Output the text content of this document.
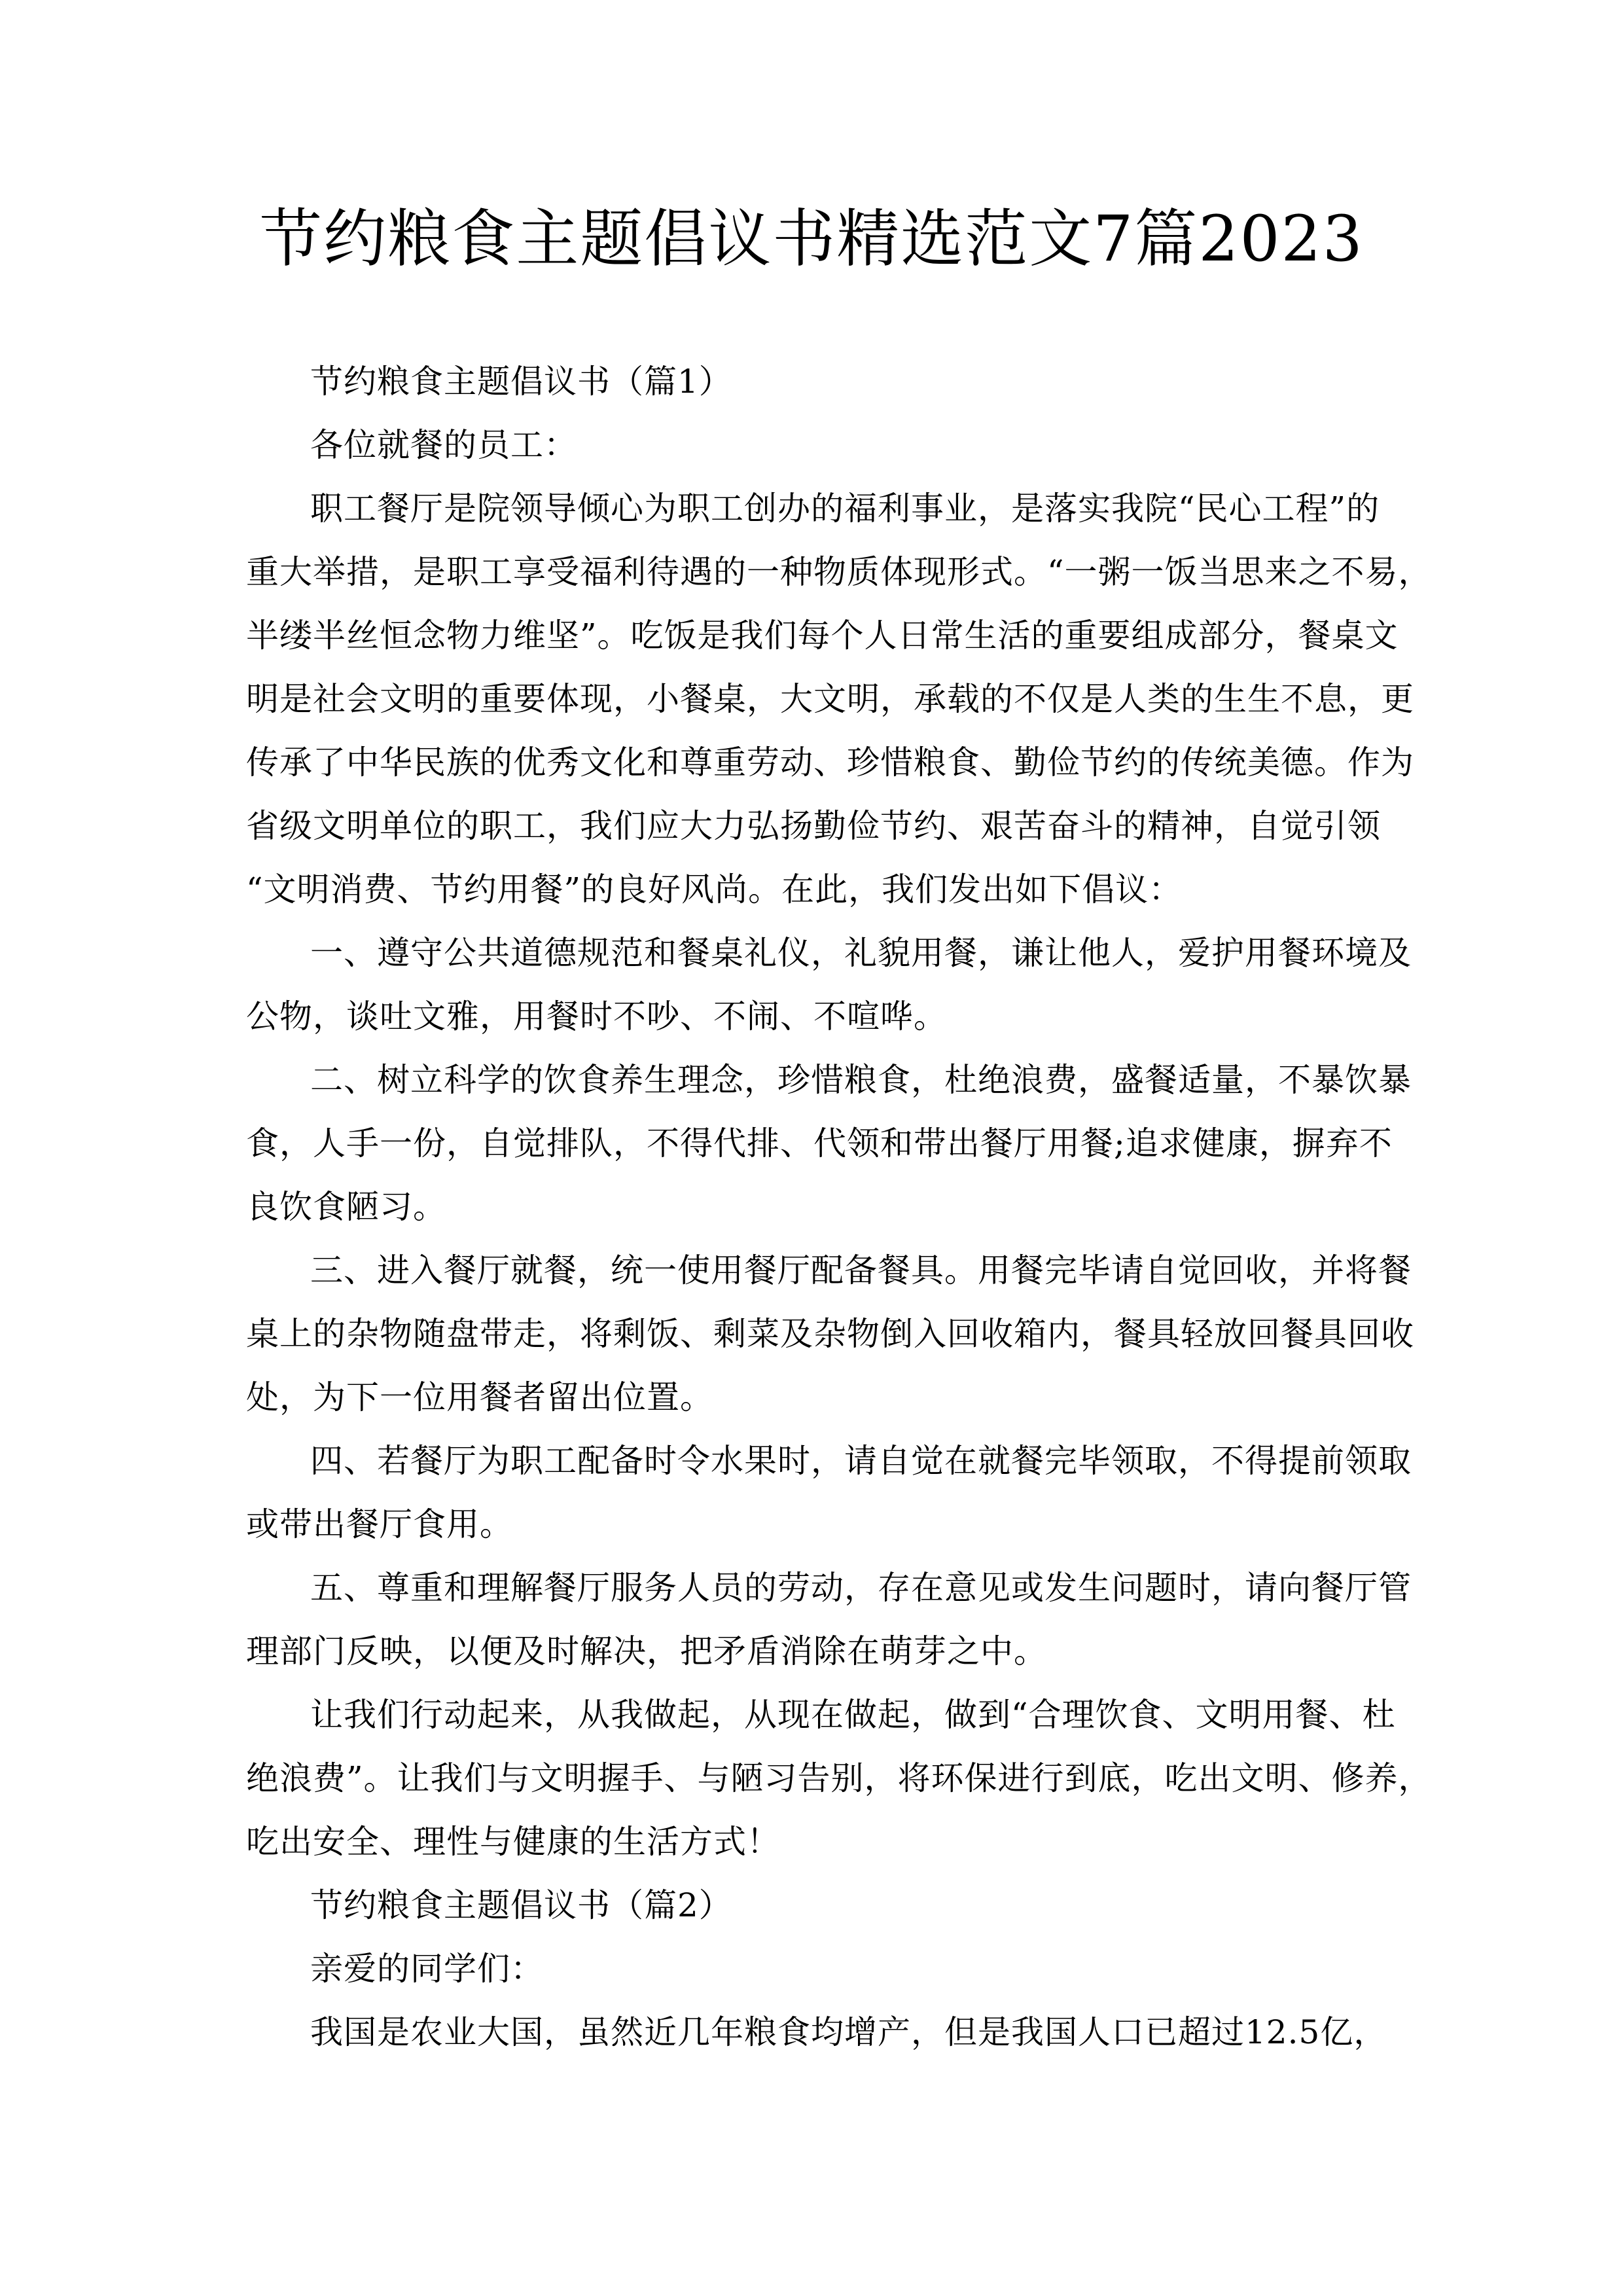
节约粮食主题倡议书精选范文7篇2023
节约粮食主题倡议书（篇1）
各位就餐的员工：
职工餐厅是院领导倾心为职工创办的福利事业，是落实我院“民心工程”的
重大举措，是职工享受福利待遇的一种物质体现形式。“一粥一饭当思来之不易，
半缕半丝恒念物力维坚”。吃饭是我们每个人日常生活的重要组成部分，餐桌文
明是社会文明的重要体现，小餐桌，大文明，承载的不仅是人类的生生不息，更
传承了中华民族的优秀文化和尊重劳动、珍惜粮食、勤俭节约的传统美德。作为
省级文明单位的职工，我们应大力弘扬勤俭节约、艰苦奋斗的精神，自觉引领
“文明消费、节约用餐”的良好风尚。在此，我们发出如下倡议：
一、遵守公共道德规范和餐桌礼仪，礼貌用餐，谦让他人，爱护用餐环境及
公物，谈吐文雅，用餐时不吵、不闹、不喧哗。
二、树立科学的饮食养生理念，珍惜粮食，杜绝浪费，盛餐适量，不暴饮暴
食，人手一份，自觉排队，不得代排、代领和带出餐厅用餐;追求健康，摒弃不
良饮食陋习。
三、进入餐厅就餐，统一使用餐厅配备餐具。用餐完毕请自觉回收，并将餐
桌上的杂物随盘带走，将剩饭、剩菜及杂物倒入回收箱内，餐具轻放回餐具回收
处，为下一位用餐者留出位置。
四、若餐厅为职工配备时令水果时，请自觉在就餐完毕领取，不得提前领取
或带出餐厅食用。
五、尊重和理解餐厅服务人员的劳动，存在意见或发生问题时，请向餐厅管
理部门反映，以便及时解决，把矛盾消除在萌芽之中。
让我们行动起来，从我做起，从现在做起，做到“合理饮食、文明用餐、杜
绝浪费”。让我们与文明握手、与陋习告别，将环保进行到底，吃出文明、修养，
吃出安全、理性与健康的生活方式！
节约粮食主题倡议书（篇2）
亲爱的同学们：
我国是农业大国，虽然近几年粮食均增产，但是我国人口已超过12.5亿，
